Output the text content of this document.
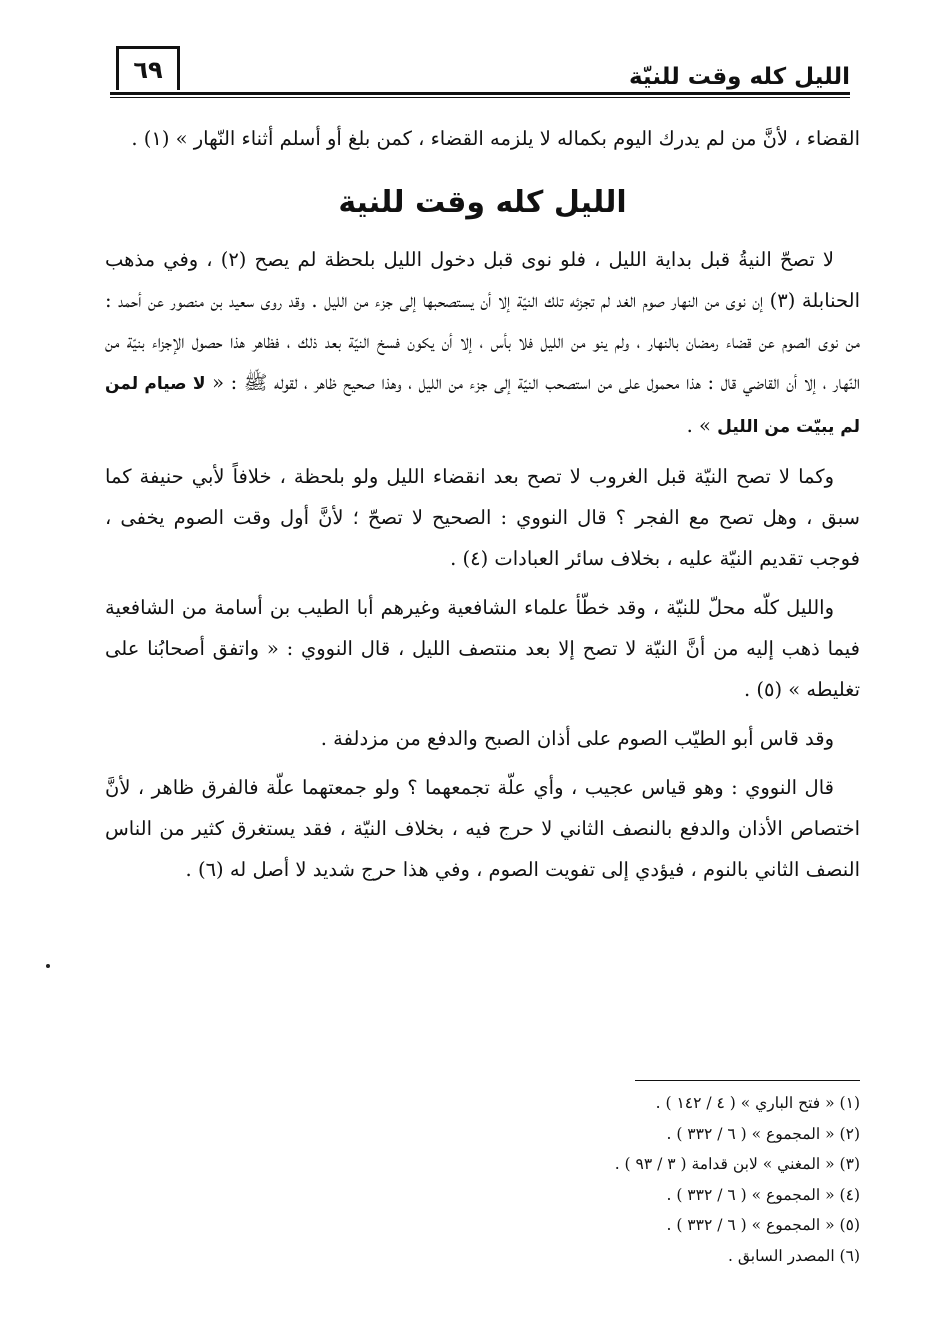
الليل كله وقت للنيّة
٦٩

القضاء ، لأنَّ من لم يدرك اليوم بكماله لا يلزمه القضاء ، كمن بلغ أو أسلم أثناء النّهار » (١) .

الليل كله وقت للنية

لا تصحّ النيةُ قبل بداية الليل ، فلو نوى قبل دخول الليل بلحظة لم يصح (٢) ، وفي مذهب الحنابلة (٣) إن نوى من النهار صوم الغد لم تجزئه تلك النيّة إلا أن يستصحبها إلى جزء من الليل . وقد روى سعيد بن منصور عن أحمد : من نوى الصوم عن قضاء رمضان بالنهار ، ولم ينو من الليل فلا بأس ، إلا أن يكون فسخ النيّة بعد ذلك ، فظاهر هذا حصول الإجزاء بنيّة من النّهار ، إلا أن القاضي قال : هذا محمول على من استصحب النيّة إلى جزء من الليل ، وهذا صحيح ظاهر ، لقوله ﷺ : « لا صيام لمن لم يبيّت من الليل » .

وكما لا تصح النيّة قبل الغروب لا تصح بعد انقضاء الليل ولو بلحظة ، خلافاً لأبي حنيفة كما سبق ، وهل تصح مع الفجر ؟ قال النووي : الصحيح لا تصحّ ؛ لأنَّ أول وقت الصوم يخفى ، فوجب تقديم النيّة عليه ، بخلاف سائر العبادات (٤) .

والليل كلّه محلّ للنيّة ، وقد خطّأ علماء الشافعية وغيرهم أبا الطيب بن أسامة من الشافعية فيما ذهب إليه من أنَّ النيّة لا تصح إلا بعد منتصف الليل ، قال النووي : « واتفق أصحابُنا على تغليطه » (٥) .

وقد قاس أبو الطيّب الصوم على أذان الصبح والدفع من مزدلفة .

قال النووي : وهو قياس عجيب ، وأي علّة تجمعهما ؟ ولو جمعتهما علّة فالفرق ظاهر ، لأنَّ اختصاص الأذان والدفع بالنصف الثاني لا حرج فيه ، بخلاف النيّة ، فقد يستغرق كثير من الناس النصف الثاني بالنوم ، فيؤدي إلى تفويت الصوم ، وفي هذا حرج شديد لا أصل له (٦) .

(١) « فتح الباري » ( ٤ / ١٤٢ ) .
(٢) « المجموع » ( ٦ / ٣٣٢ ) .
(٣) « المغني » لابن قدامة ( ٣ / ٩٣ ) .
(٤) « المجموع » ( ٦ / ٣٣٢ ) .
(٥) « المجموع » ( ٦ / ٣٣٢ ) .
(٦) المصدر السابق .
